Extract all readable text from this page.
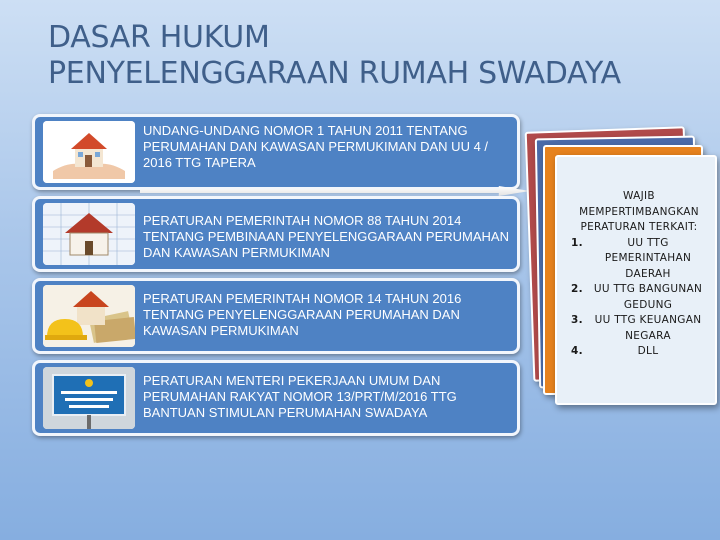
DASAR HUKUM
PENYELENGGARAAN RUMAH SWADAYA
UNDANG-UNDANG NOMOR 1 TAHUN 2011 TENTANG PERUMAHAN DAN KAWASAN PERMUKIMAN DAN UU 4 / 2016 TTG TAPERA
PERATURAN PEMERINTAH NOMOR 88 TAHUN 2014 TENTANG PEMBINAAN PENYELENGGARAAN PERUMAHAN DAN KAWASAN PERMUKIMAN
PERATURAN PEMERINTAH NOMOR 14 TAHUN 2016 TENTANG PENYELENGGARAAN PERUMAHAN DAN KAWASAN PERMUKIMAN
PERATURAN MENTERI PEKERJAAN UMUM DAN PERUMAHAN RAKYAT NOMOR 13/PRT/M/2016 TTG BANTUAN STIMULAN PERUMAHAN SWADAYA
WAJIB MEMPERTIMBANGKAN PERATURAN TERKAIT:
1.	UU TTG PEMERINTAHAN DAERAH
2. UU TTG BANGUNAN GEDUNG
3. UU TTG KEUANGAN NEGARA
4.	DLL
